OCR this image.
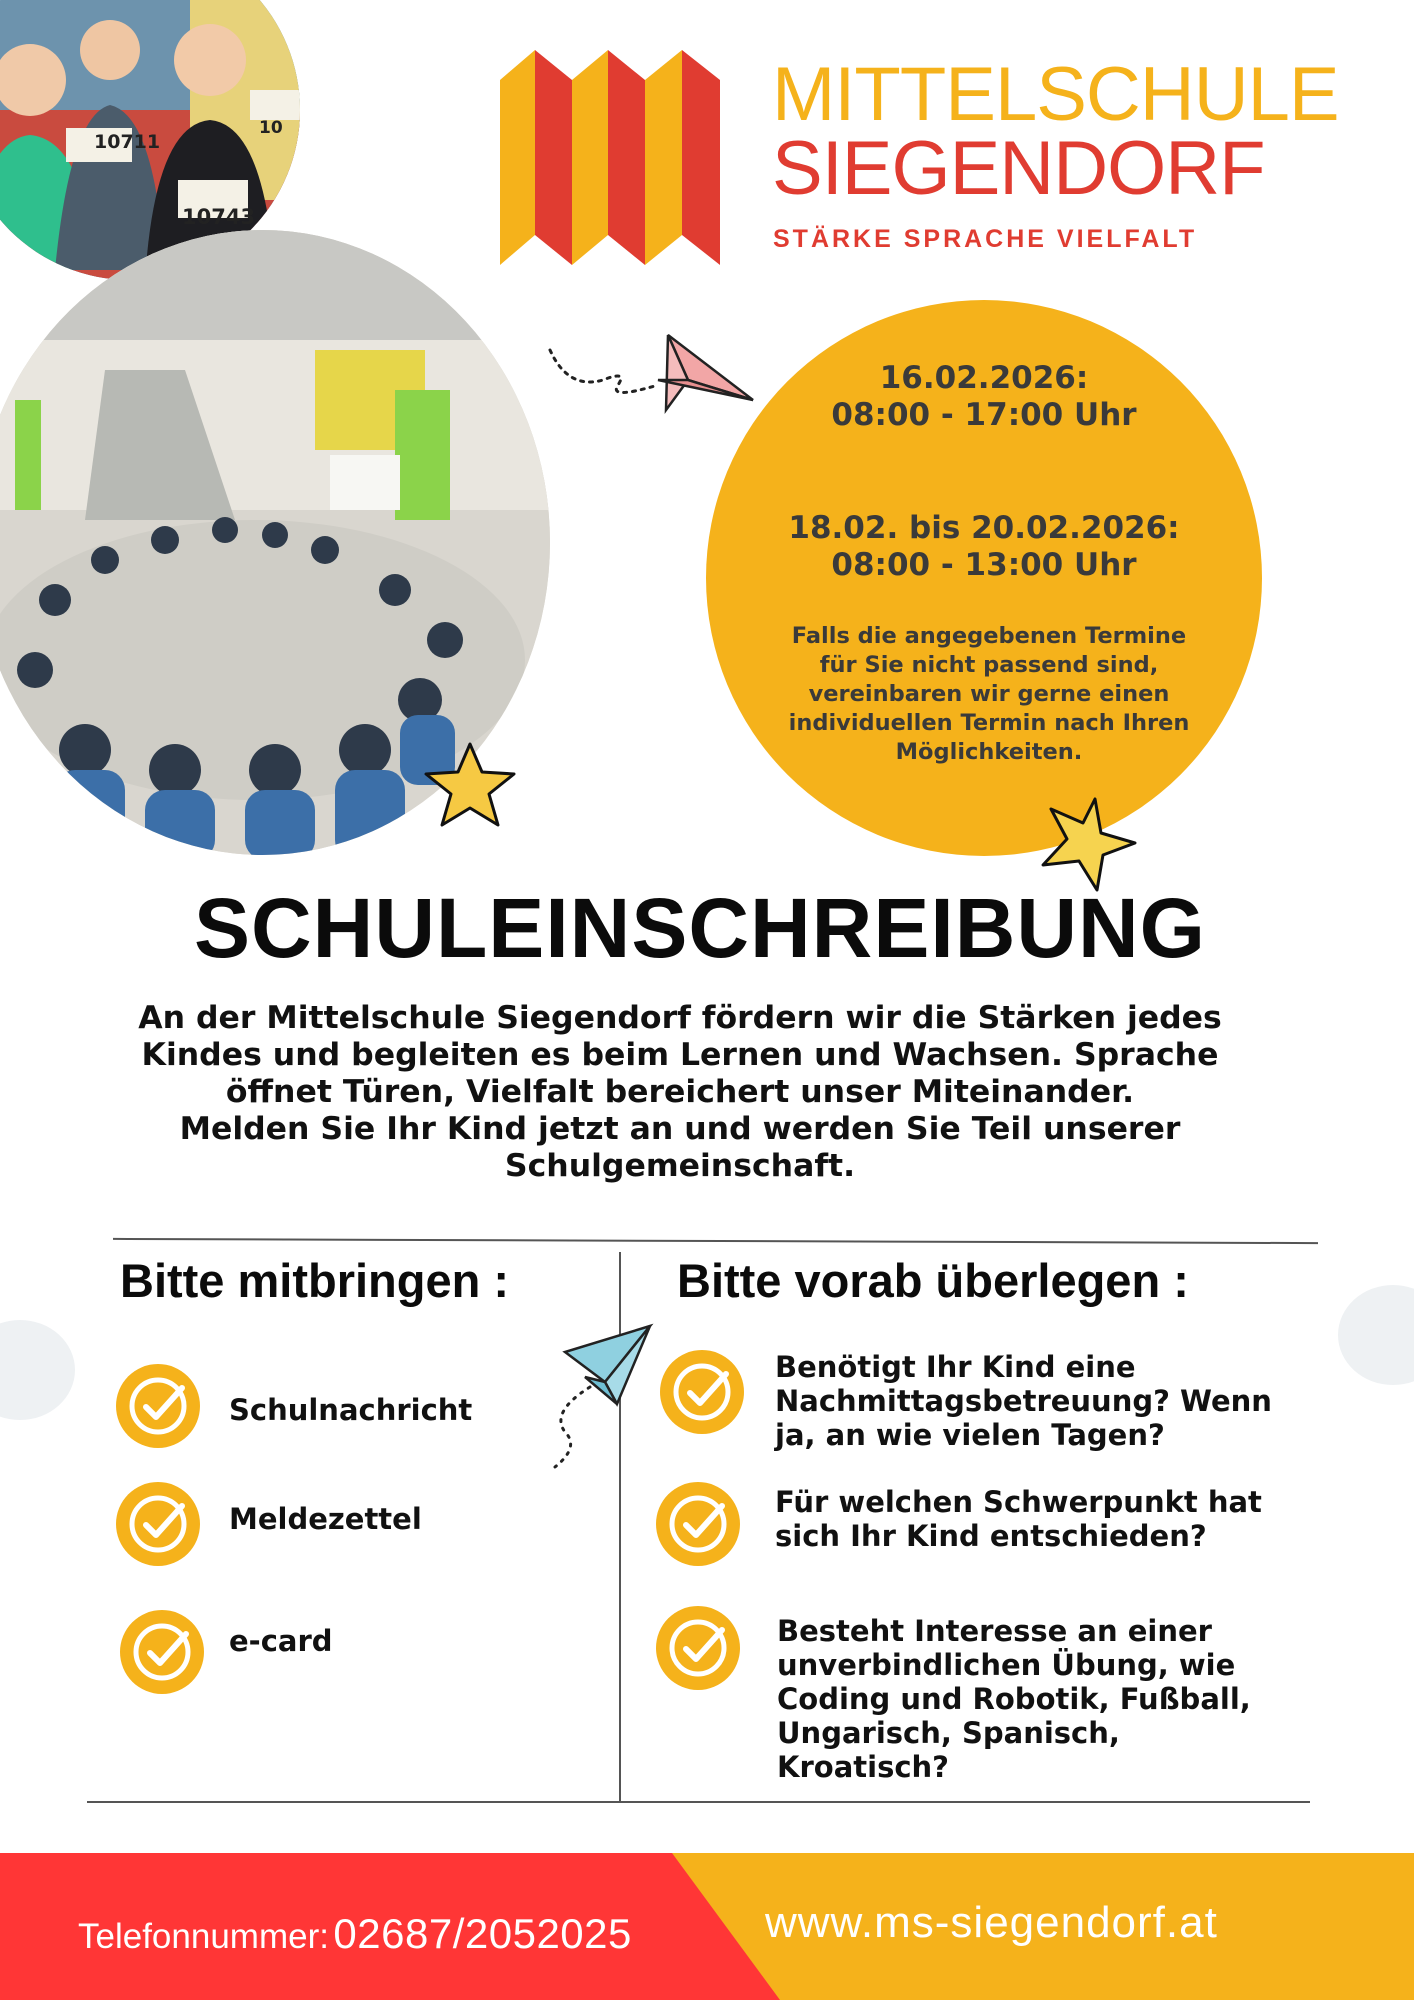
10711
10743
10	MITTELSCHULE
SIEGENDORF
STÄRKE SPRACHE VIELFALT
16.02.2026:
08:00 - 17:00 Uhr
18.02. bis 20.02.2026:
08:00 - 13:00 Uhr
Falls die angegebenen Termine
für Sie nicht passend sind,
vereinbaren wir gerne einen
individuellen Termin nach Ihren
Möglichkeiten.
SCHULEINSCHREIBUNG
An der Mittelschule Siegendorf fördern wir die Stärken jedes
Kindes und begleiten es beim Lernen und Wachsen. Sprache
öffnet Türen, Vielfalt bereichert unser Miteinander.
Melden Sie Ihr Kind jetzt an und werden Sie Teil unserer
Schulgemeinschaft.
Bitte mitbringen :	Bitte vorab überlegen :
Schulnachricht
Meldezettel
e-card
Benötigt Ihr Kind eine
Nachmittagsbetreuung? Wenn
ja, an wie vielen Tagen?
Für welchen Schwerpunkt hat
sich Ihr Kind entschieden?
Besteht Interesse an einer
unverbindlichen Übung, wie
Coding und Robotik, Fußball,
Ungarisch, Spanisch,
Kroatisch?
Telefonnummer: 02687/2052025	www.ms-siegendorf.at
